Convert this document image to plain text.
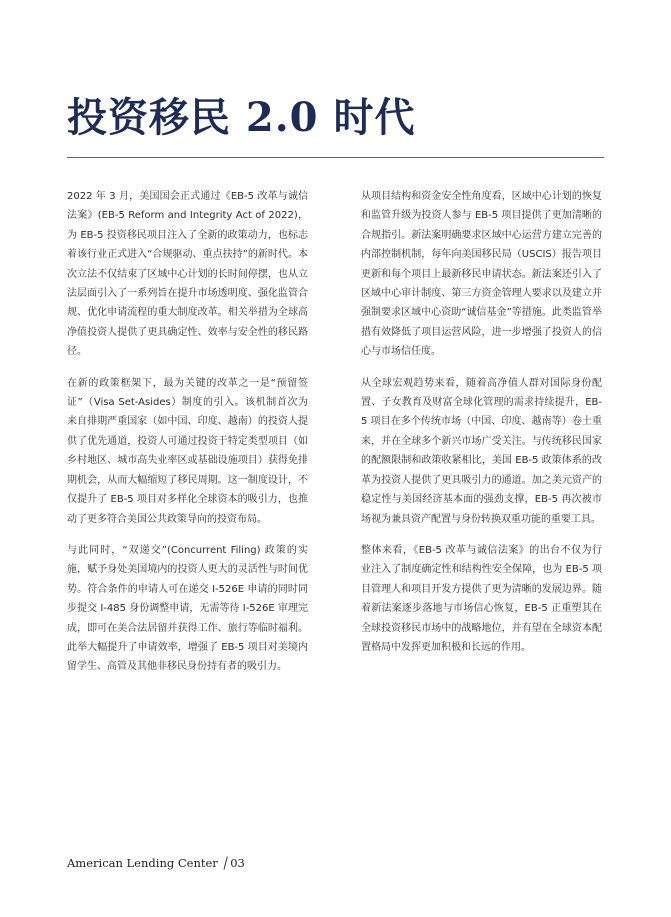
投资移民 2.0 时代

2022 年 3 月，美国国会正式通过《EB-5 改革与诚信法案》(EB-5 Reform and Integrity Act of 2022)，为 EB-5 投资移民项目注入了全新的政策动力，也标志着该行业正式进入“合规驱动、重点扶持”的新时代。本次立法不仅结束了区域中心计划的长时间停摆，也从立法层面引入了一系列旨在提升市场透明度、强化监管合规、优化申请流程的重大制度改革。相关举措为全球高净值投资人提供了更具确定性、效率与安全性的移民路径。

在新的政策框架下，最为关键的改革之一是“预留签证”（Visa Set-Asides）制度的引入。该机制首次为来自排期严重国家（如中国、印度、越南）的投资人提供了优先通道，投资人可通过投资于特定类型项目（如乡村地区、城市高失业率区或基础设施项目）获得免排期机会，从而大幅缩短了移民周期。这一制度设计，不仅提升了 EB-5 项目对多样化全球资本的吸引力，也推动了更多符合美国公共政策导向的投资布局。

与此同时，“双递交”(Concurrent Filing) 政策的实施，赋予身处美国境内的投资人更大的灵活性与时间优势。符合条件的申请人可在递交 I-526E 申请的同时同步提交 I-485 身份调整申请，无需等待 I-526E 审理完成，即可在美合法居留并获得工作、旅行等临时福利。此举大幅提升了申请效率，增强了 EB-5 项目对美境内留学生、高管及其他非移民身份持有者的吸引力。

从项目结构和资金安全性角度看，区域中心计划的恢复和监管升级为投资人参与 EB-5 项目提供了更加清晰的合规指引。新法案明确要求区域中心运营方建立完善的内部控制机制，每年向美国移民局（USCIS）报告项目更新和每个项目上最新移民申请状态。新法案还引入了区域中心审计制度、第三方资金管理人要求以及建立并强制要求区域中心资助“诚信基金”等措施。此类监管举措有效降低了项目运营风险，进一步增强了投资人的信心与市场信任度。

从全球宏观趋势来看，随着高净值人群对国际身份配置、子女教育及财富全球化管理的需求持续提升，EB-5 项目在多个传统市场（中国、印度、越南等）卷土重来，并在全球多个新兴市场广受关注。与传统移民国家的配额限制和政策收紧相比，美国 EB-5 政策体系的改革为投资人提供了更具吸引力的通道。加之美元资产的稳定性与美国经济基本面的强劲支撑，EB-5 再次被市场视为兼具资产配置与身份转换双重功能的重要工具。

整体来看，《EB-5 改革与诚信法案》的出台不仅为行业注入了制度确定性和结构性安全保障，也为 EB-5 项目管理人和项目开发方提供了更为清晰的发展边界。随着新法案逐步落地与市场信心恢复，EB-5 正重塑其在全球投资移民市场中的战略地位，并有望在全球资本配置格局中发挥更加积极和长远的作用。

American Lending Center / 03
